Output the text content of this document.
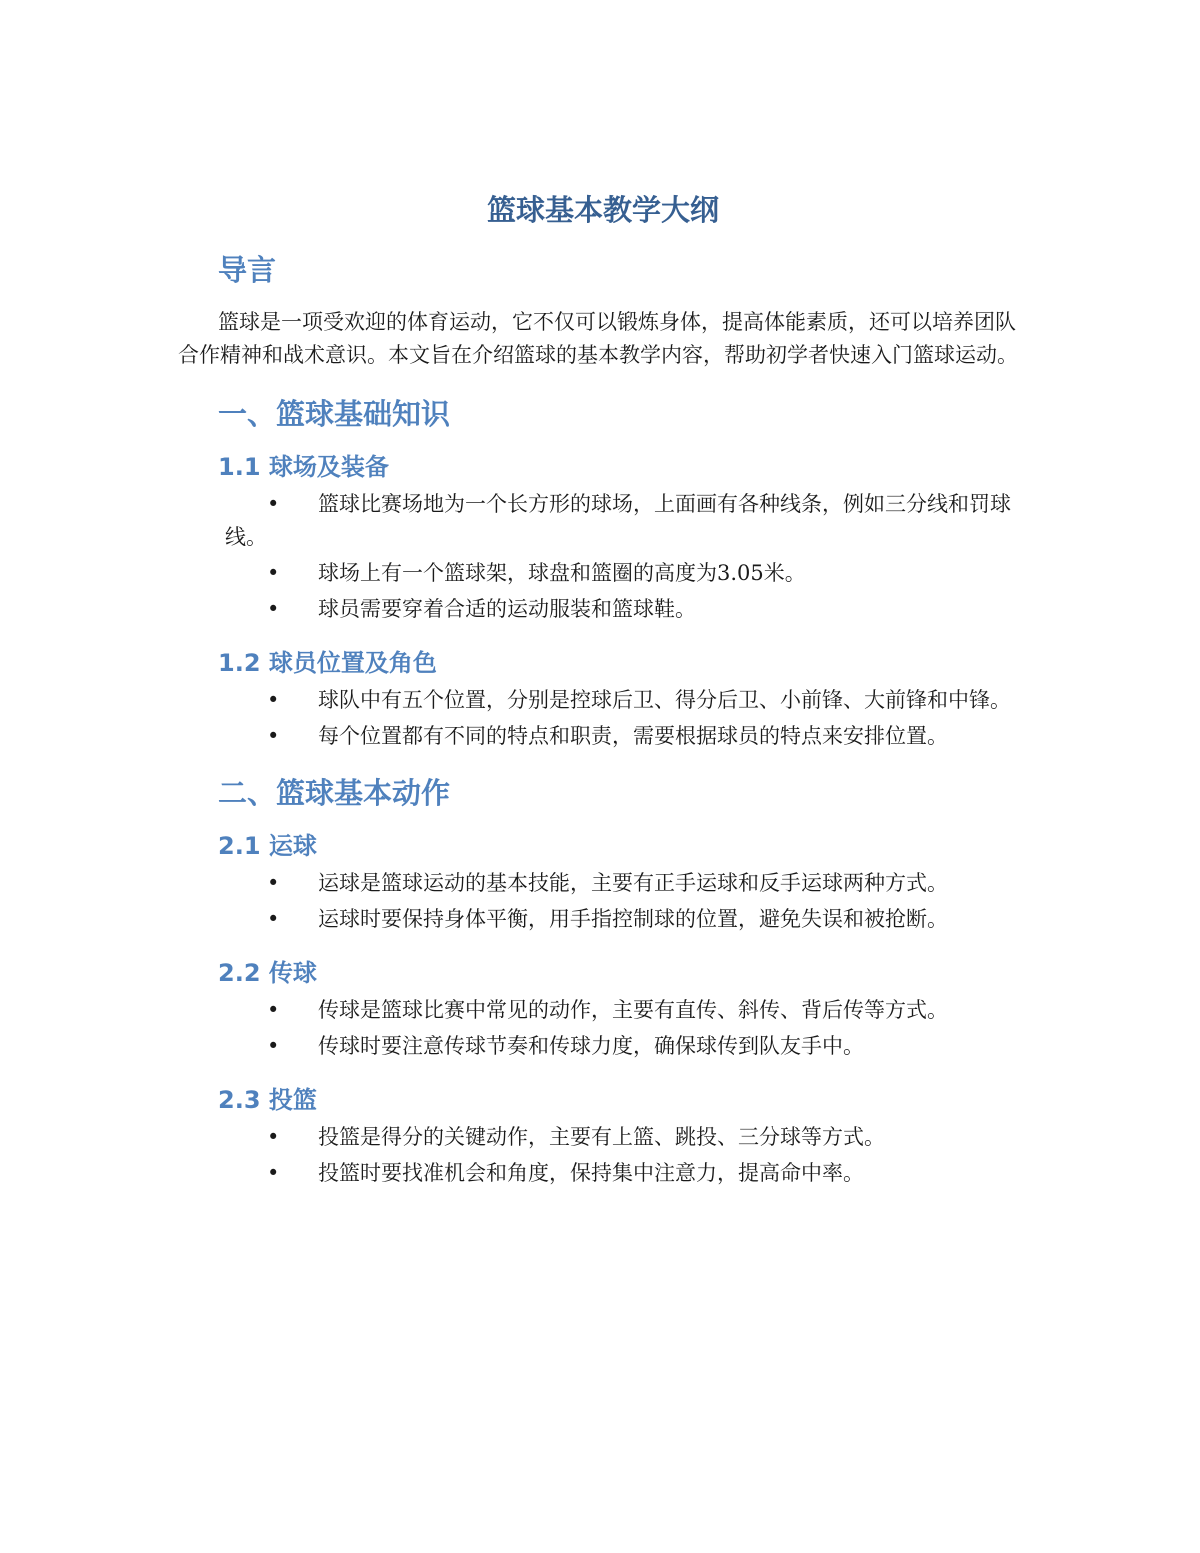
篮球基本教学大纲
导言
篮球是一项受欢迎的体育运动，它不仅可以锻炼身体，提高体能素质，还可以培养团队合作精神和战术意识。本文旨在介绍篮球的基本教学内容，帮助初学者快速入门篮球运动。
一、篮球基础知识
1.1 球场及装备
• 篮球比赛场地为一个长方形的球场，上面画有各种线条，例如三分线和罚球线。
• 球场上有一个篮球架，球盘和篮圈的高度为3.05米。
• 球员需要穿着合适的运动服装和篮球鞋。
1.2 球员位置及角色
• 球队中有五个位置，分别是控球后卫、得分后卫、小前锋、大前锋和中锋。
• 每个位置都有不同的特点和职责，需要根据球员的特点来安排位置。
二、篮球基本动作
2.1 运球
• 运球是篮球运动的基本技能，主要有正手运球和反手运球两种方式。
• 运球时要保持身体平衡，用手指控制球的位置，避免失误和被抢断。
2.2 传球
• 传球是篮球比赛中常见的动作，主要有直传、斜传、背后传等方式。
• 传球时要注意传球节奏和传球力度，确保球传到队友手中。
2.3 投篮
• 投篮是得分的关键动作，主要有上篮、跳投、三分球等方式。
• 投篮时要找准机会和角度，保持集中注意力，提高命中率。
